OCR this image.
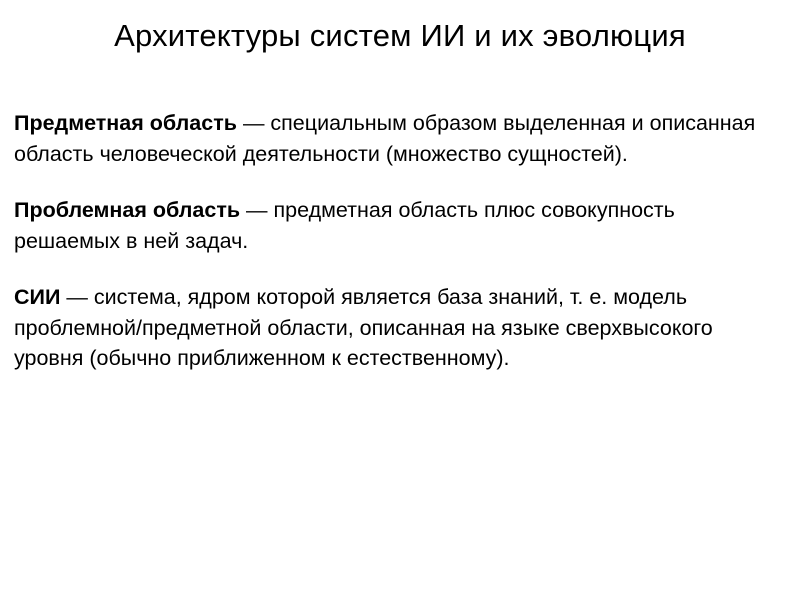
Архитектуры систем ИИ и их эволюция

Предметная область — специальным образом выделенная и описанная область человеческой деятельности (множество сущностей).

Проблемная область — предметная область плюс совокупность решаемых в ней задач.

СИИ — система, ядром которой является база знаний, т. е. модель проблемной/предметной области, описанная на языке сверхвысокого уровня (обычно приближенном к естественному).
